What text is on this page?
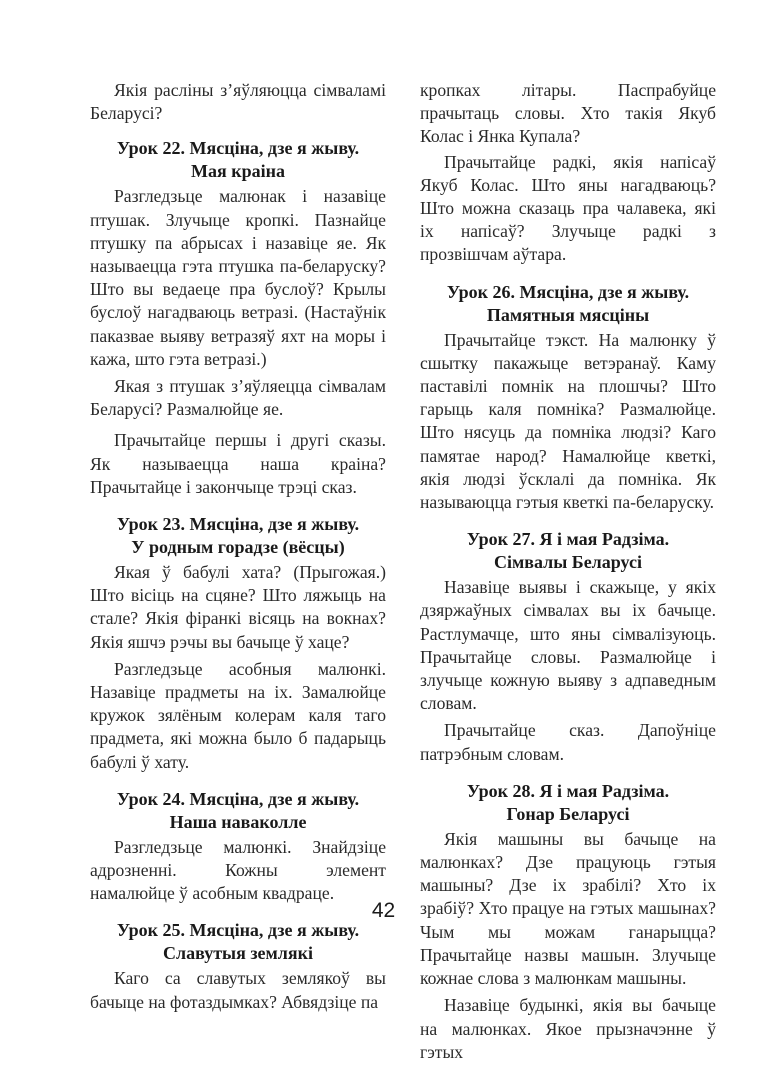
Якія расліны з’яўляюцца сімваламі Беларусі?

Урок 22. Мясціна, дзе я жыву.
Мая краіна

Разгледзьце малюнак і назавіце птушак. Злучыце кропкі. Пазнайце птушку па абрысах і назавіце яе. Як называецца гэта птушка па-беларуску? Што вы ведаеце пра буслоў? Крылы буслоў нагадваюць ветразі. (Настаўнік паказвае выяву ветразяў яхт на моры і кажа, што гэта ветразі.)

Якая з птушак з’яўляецца сімвалам Беларусі? Размалюйце яе.

Прачытайце першы і другі сказы. Як называецца наша краіна? Прачытайце і закончыце трэці сказ.

Урок 23. Мясціна, дзе я жыву.
У родным горадзе (вёсцы)

Якая ў бабулі хата? (Прыгожая.) Што вісіць на сцяне? Што ляжыць на стале? Якія фіранкі вісяць на вокнах? Якія яшчэ рэчы вы бачыце ў хаце?

Разгледзьце асобныя малюнкі. Назавіце прадметы на іх. Замалюйце кружок зялёным колерам каля таго прадмета, які можна было б падарыць бабулі ў хату.

Урок 24. Мясціна, дзе я жыву.
Наша наваколле

Разгледзьце малюнкі. Знайдзіце адрозненні. Кожны элемент намалюйце ў асобным квадраце.

Урок 25. Мясціна, дзе я жыву.
Славутыя землякі

Каго са славутых землякоў вы бачыце на фотаздымках? Абвядзіце па

кропках літары. Паспрабуйце прачытаць словы. Хто такія Якуб Колас і Янка Купала?

Прачытайце радкі, якія напісаў Якуб Колас. Што яны нагадваюць? Што можна сказаць пра чалавека, які іх напісаў? Злучыце радкі з прозвішчам аўтара.

Урок 26. Мясціна, дзе я жыву.
Памятныя мясціны

Прачытайце тэкст. На малюнку ў сшытку пакажыце ветэранаў. Каму паставілі помнік на плошчы? Што гарыць каля помніка? Размалюйце. Што нясуць да помніка людзі? Каго памятае народ? Намалюйце кветкі, якія людзі ўсклалі да помніка. Як называюцца гэтыя кветкі па-беларуску.

Урок 27. Я і мая Радзіма.
Сімвалы Беларусі

Назавіце выявы і скажыце, у якіх дзяржаўных сімвалах вы іх бачыце. Растлумачце, што яны сімвалізуюць. Прачытайце словы. Размалюйце і злучыце кожную выяву з адпаведным словам.

Прачытайце сказ. Дапоўніце патрэбным словам.

Урок 28. Я і мая Радзіма.
Гонар Беларусі

Якія машыны вы бачыце на малюнках? Дзе працуюць гэтыя машыны? Дзе іх зрабілі? Хто іх зрабіў? Хто працуе на гэтых машынах? Чым мы можам ганарыцца? Прачытайце назвы машын. Злучыце кожнае слова з малюнкам машыны.

Назавіце будынкі, якія вы бачыце на малюнках. Якое прызначэнне ў гэтых

42
